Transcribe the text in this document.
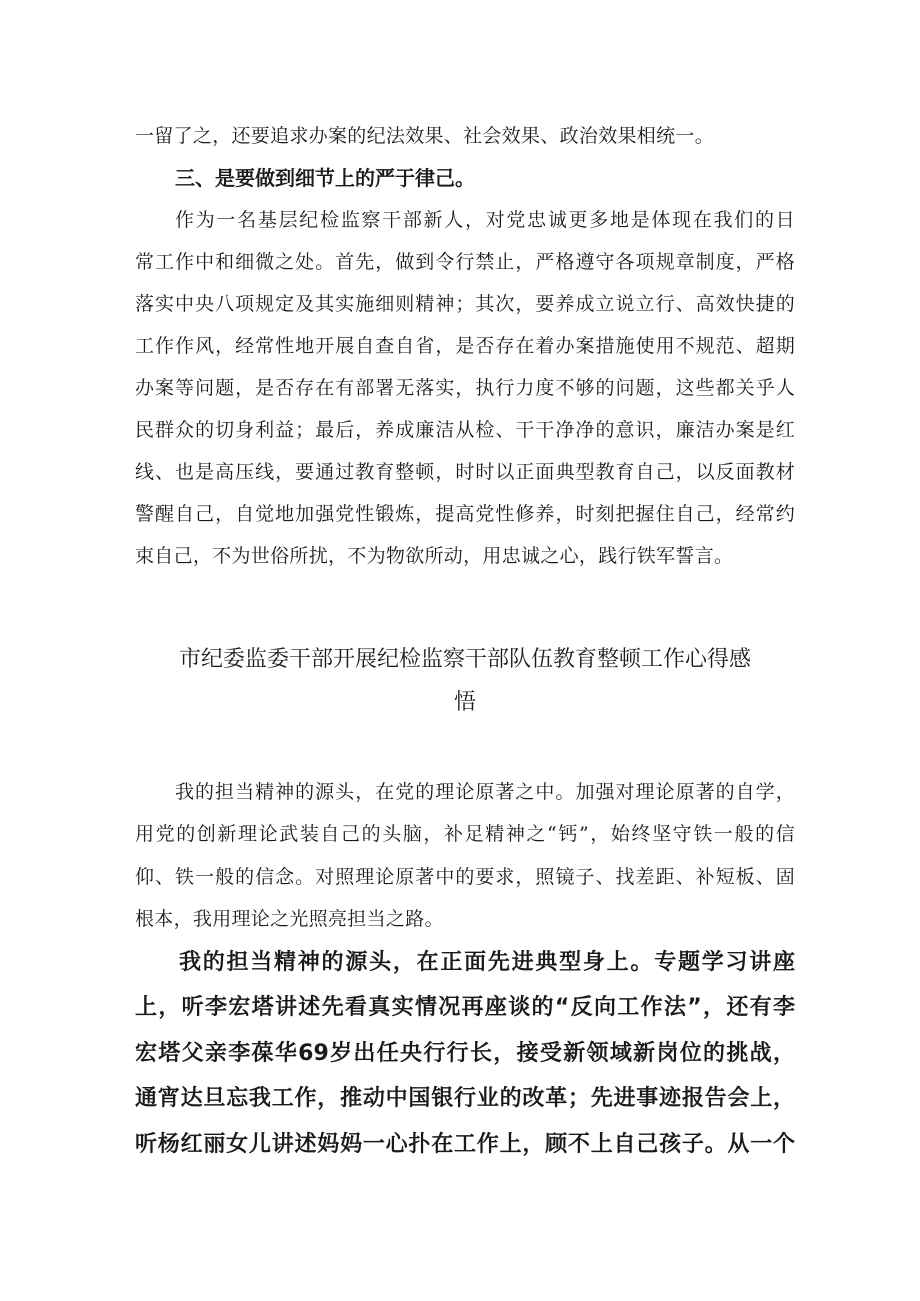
一留了之，还要追求办案的纪法效果、社会效果、政治效果相统一。
三、是要做到细节上的严于律己。
作为一名基层纪检监察干部新人，对党忠诚更多地是体现在我们的日
常工作中和细微之处。首先，做到令行禁止，严格遵守各项规章制度，严格
落实中央八项规定及其实施细则精神；其次，要养成立说立行、高效快捷的
工作作风，经常性地开展自查自省，是否存在着办案措施使用不规范、超期
办案等问题，是否存在有部署无落实，执行力度不够的问题，这些都关乎人
民群众的切身利益；最后，养成廉洁从检、干干净净的意识，廉洁办案是红
线、也是高压线，要通过教育整顿，时时以正面典型教育自己，以反面教材
警醒自己，自觉地加强党性锻炼，提高党性修养，时刻把握住自己，经常约
束自己，不为世俗所扰，不为物欲所动，用忠诚之心，践行铁军誓言。
市纪委监委干部开展纪检监察干部队伍教育整顿工作心得感
悟
我的担当精神的源头，在党的理论原著之中。加强对理论原著的自学，
用党的创新理论武装自己的头脑，补足精神之“钙”，始终坚守铁一般的信
仰、铁一般的信念。对照理论原著中的要求，照镜子、找差距、补短板、固
根本，我用理论之光照亮担当之路。
我的担当精神的源头，在正面先进典型身上。专题学习讲座
上，听李宏塔讲述先看真实情况再座谈的“反向工作法”，还有李
宏塔父亲李葆华69岁出任央行行长，接受新领域新岗位的挑战，
通宵达旦忘我工作，推动中国银行业的改革；先进事迹报告会上，
听杨红丽女儿讲述妈妈一心扑在工作上，顾不上自己孩子。从一个
